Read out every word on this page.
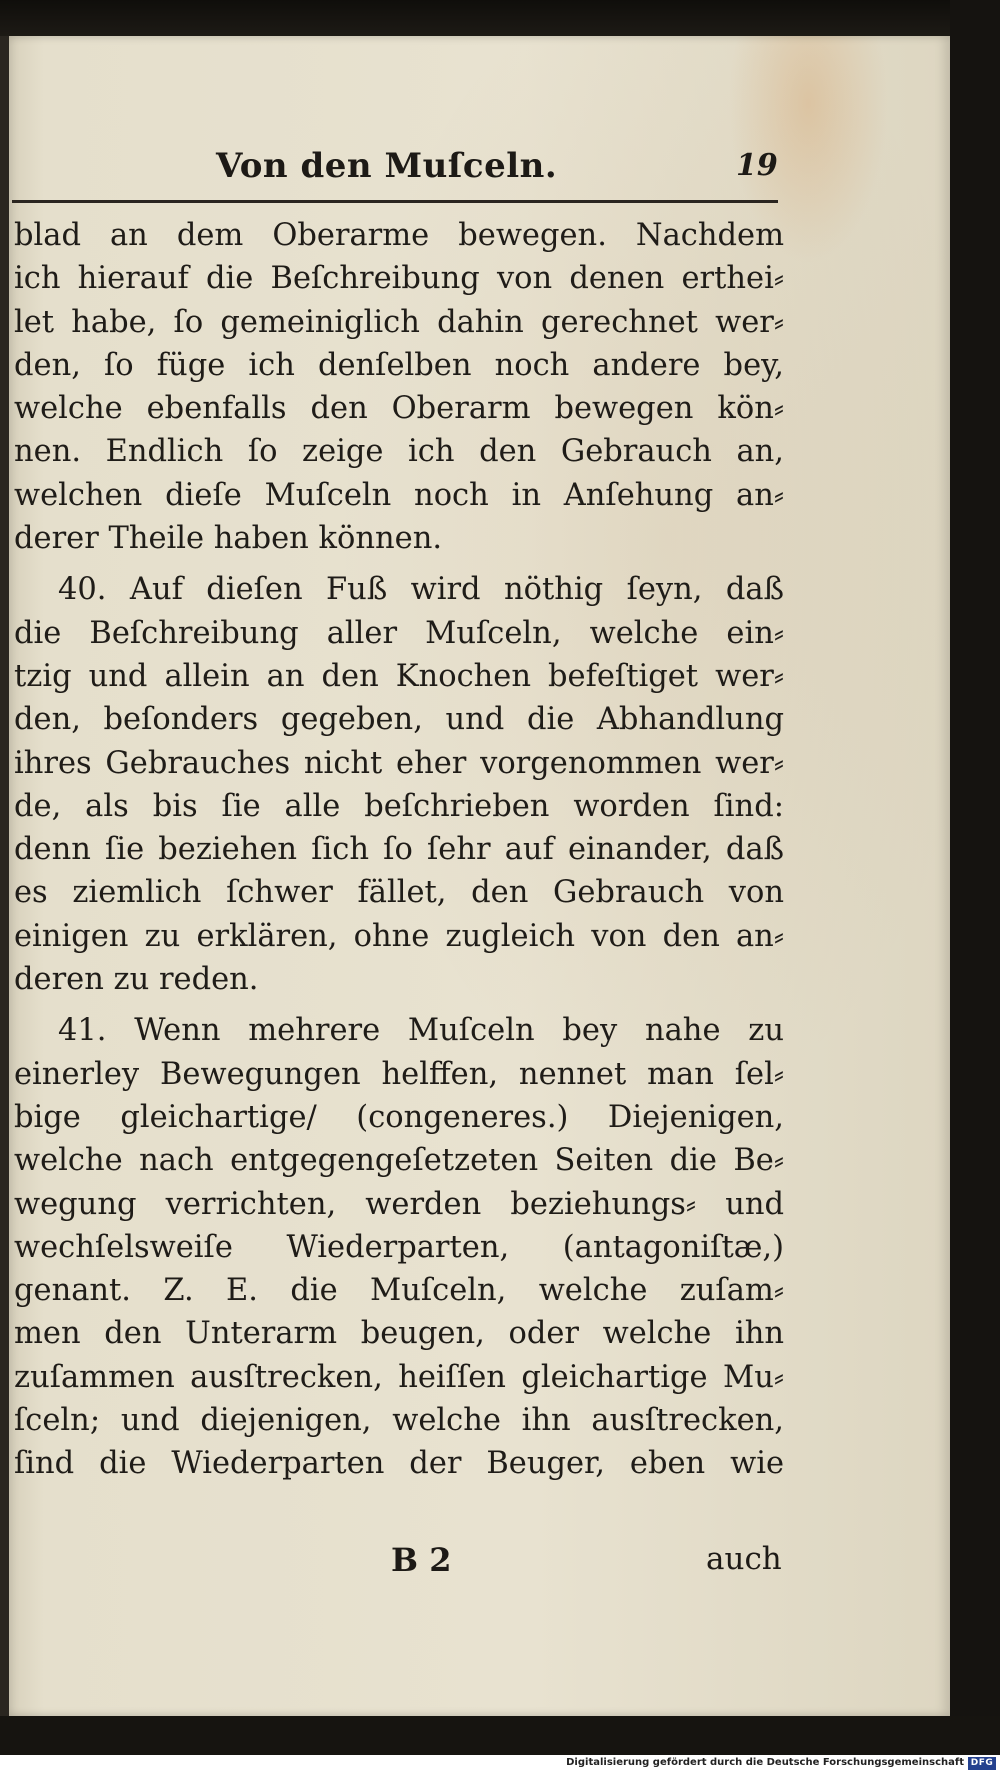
Von den Muſceln.	19
blad an dem Oberarme bewegen. Nachdem
ich hierauf die Beſchreibung von denen erthei⸗
let habe, ſo gemeiniglich dahin gerechnet wer⸗
den, ſo füge ich denſelben noch andere bey,
welche ebenfalls den Oberarm bewegen kön⸗
nen. Endlich ſo zeige ich den Gebrauch an,
welchen dieſe Muſceln noch in Anſehung an⸗
derer Theile haben können.
40. Auf dieſen Fuß wird nöthig ſeyn, daß
die Beſchreibung aller Muſceln, welche ein⸗
tzig und allein an den Knochen befeſtiget wer⸗
den, beſonders gegeben, und die Abhandlung
ihres Gebrauches nicht eher vorgenommen wer⸗
de, als bis ſie alle beſchrieben worden ſind:
denn ſie beziehen ſich ſo ſehr auf einander, daß
es ziemlich ſchwer fället, den Gebrauch von
einigen zu erklären, ohne zugleich von den an⸗
deren zu reden.
41. Wenn mehrere Muſceln bey nahe zu
einerley Bewegungen helffen, nennet man ſel⸗
bige gleichartige/ (congeneres.) Diejenigen,
welche nach entgegengeſetzeten Seiten die Be⸗
wegung verrichten, werden beziehungs⸗ und
wechſelsweiſe Wiederparten, (antagoniſtæ,)
genant. Z. E. die Muſceln, welche zuſam⸗
men den Unterarm beugen, oder welche ihn
zuſammen ausſtrecken, heiſſen gleichartige Mu⸗
ſceln; und diejenigen, welche ihn ausſtrecken,
ſind die Wiederparten der Beuger, eben wie
B 2	auch
Digitalisierung gefördert durch die Deutsche Forschungsgemeinschaft DFG
